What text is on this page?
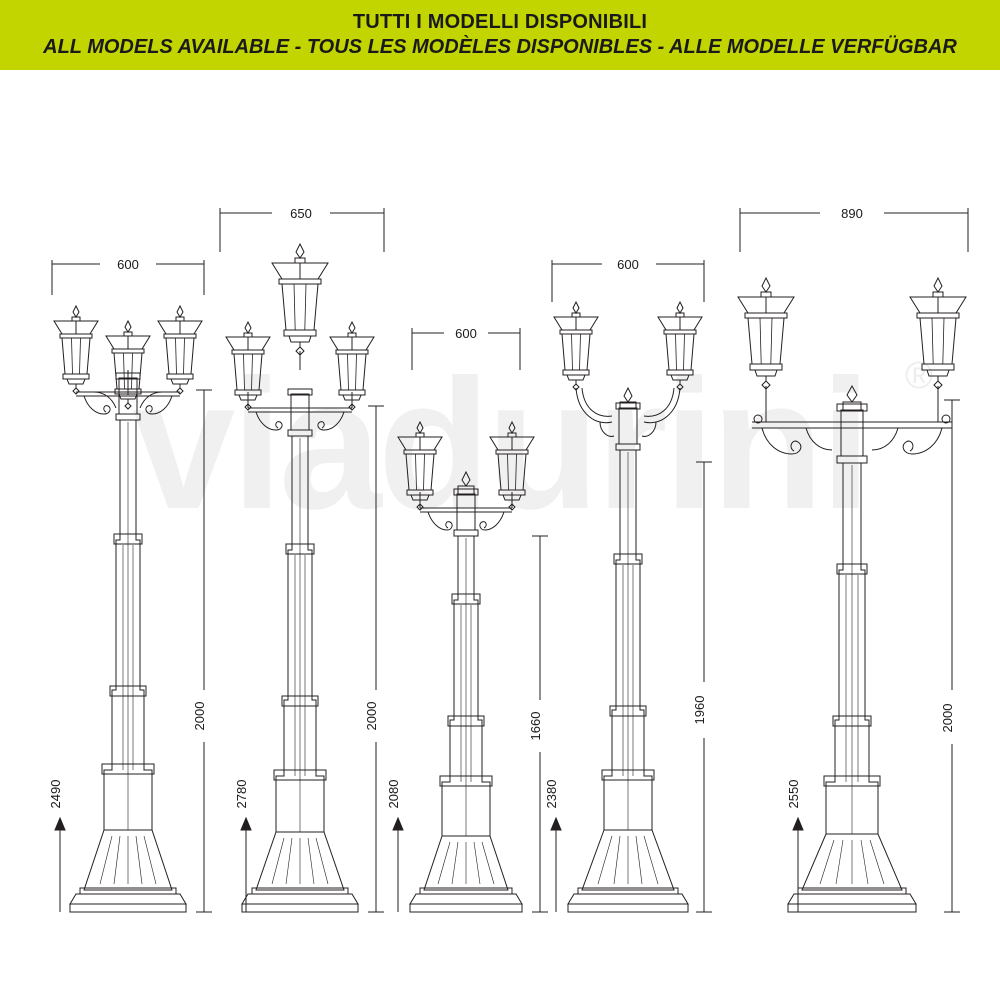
TUTTI I MODELLI DISPONIBILI
ALL MODELS AVAILABLE - TOUS LES MODÈLES DISPONIBLES - ALLE MODELLE VERFÜGBAR
viadurini ®
600
2000
2490
650
2000
2780
600
1660
2080
600
1960
2380
890
2000
2550
